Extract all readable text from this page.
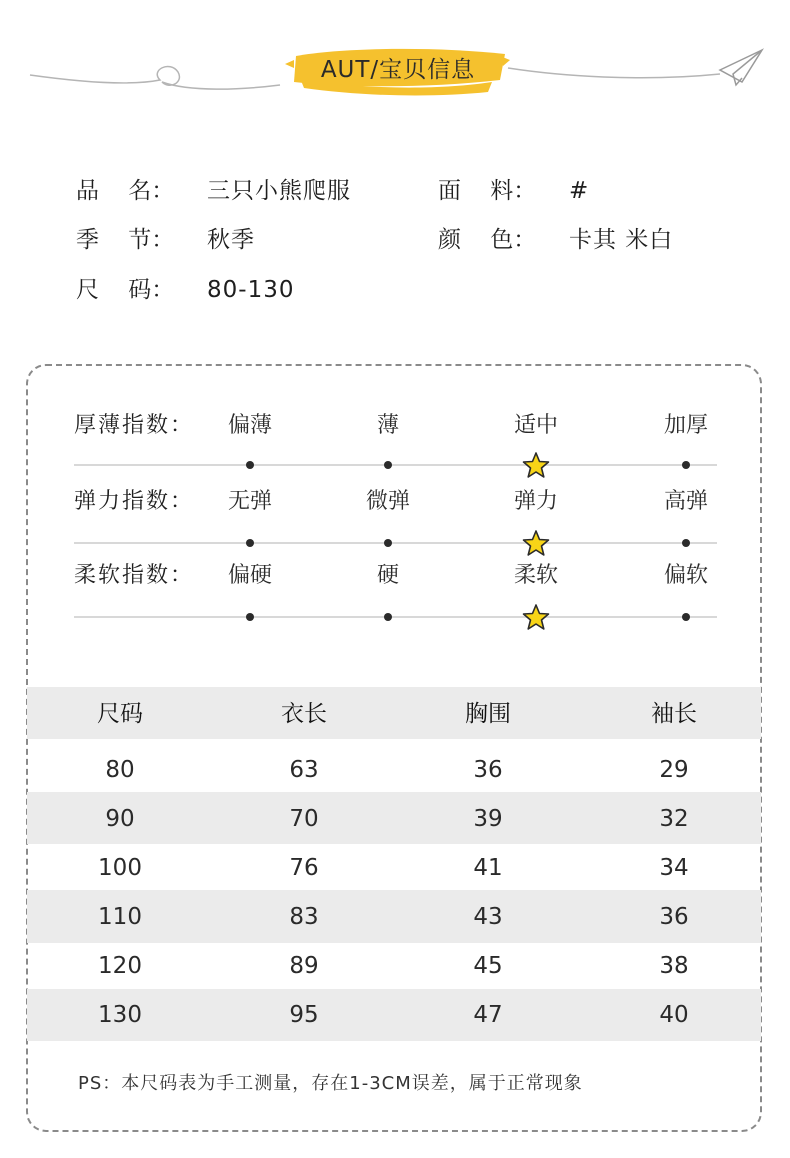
AUT/宝贝信息
品    名： 三只小熊爬服	面    料： #
季    节： 秋季	颜    色： 卡其 米白
尺    码： 80-130
厚薄指数：	偏薄	薄	适中	加厚
弹力指数：	无弹	微弹	弹力	高弹
柔软指数：	偏硬	硬	柔软	偏软
尺码	衣长	胸围	袖长
80	63	36	29
90	70	39	32
100	76	41	34
110	83	43	36
120	89	45	38
130	95	47	40
PS：本尺码表为手工测量，存在1-3CM误差，属于正常现象
